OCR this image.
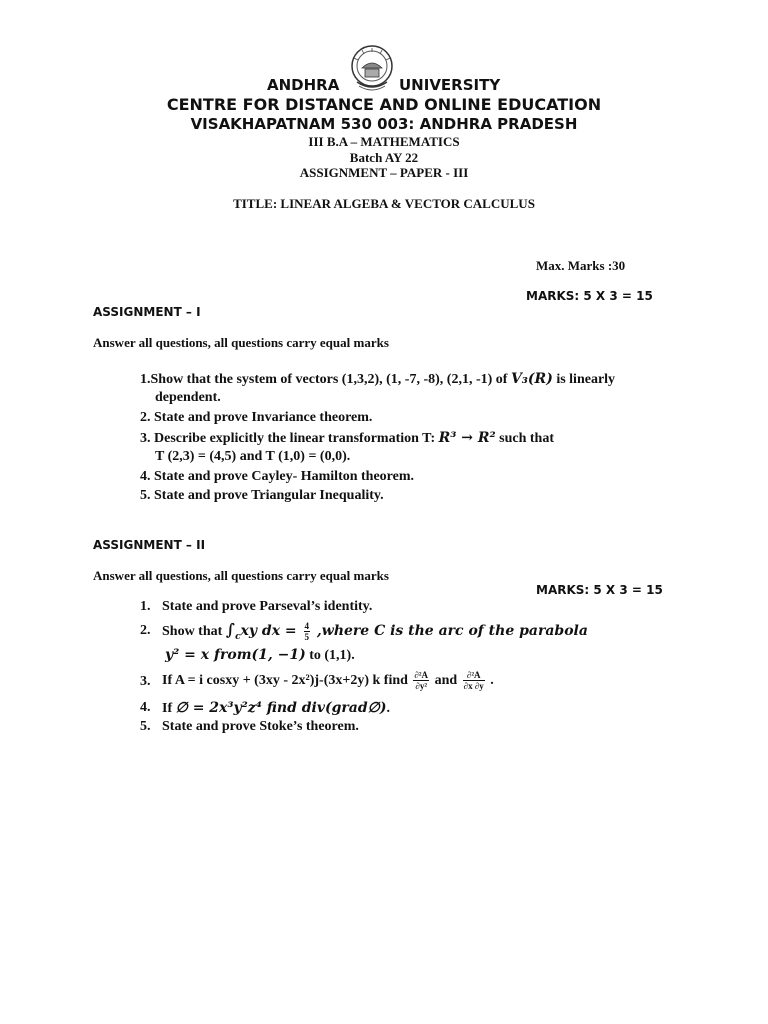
ANDHRA	UNIVERSITY
CENTRE FOR DISTANCE AND ONLINE EDUCATION
VISAKHAPATNAM 530 003: ANDHRA PRADESH
III B.A – MATHEMATICS
Batch AY 22
ASSIGNMENT – PAPER - III
TITLE: LINEAR ALGEBA & VECTOR CALCULUS
Max. Marks :30
MARKS: 5 X 3 = 15
ASSIGNMENT – I
Answer all questions, all questions carry equal marks
1.Show that the system of vectors (1,3,2), (1, -7, -8), (2,1, -1) of V₃(R) is linearly
dependent.
2. State and prove Invariance theorem.
3. Describe explicitly the linear transformation T: R³ → R² such that
T (2,3) = (4,5) and T (1,0) = (0,0).
4. State and prove Cayley- Hamilton theorem.
5. State and prove Triangular Inequality.
ASSIGNMENT – II
Answer all questions, all questions carry equal marks
MARKS: 5 X 3 = 15
1. State and prove Parseval’s identity.
2. Show that $\int_cxy$ dx = $\frac{4}{5}$ ,where C is the arc of the parabola
y² = x from(1, −1) to (1,1).
3. If A = i cosxy + (3xy - 2x²)j-(3x+2y) k find $\frac{\text{∂²A}}{\text{∂y²}}$ and $\frac{\text{∂²A}}{\partial x \partial y}$ .
4. If ∅ = 2x³y²z⁴ find div(grad∅).
5. State and prove Stoke’s theorem.
